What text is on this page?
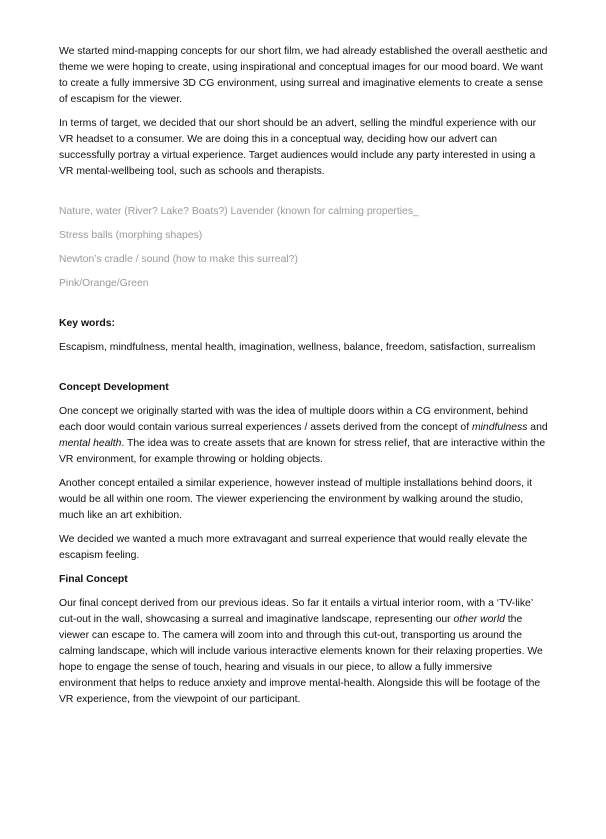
We started mind-mapping concepts for our short film, we had already established the overall aesthetic and theme we were hoping to create, using inspirational and conceptual images for our mood board. We want to create a fully immersive 3D CG environment, using surreal and imaginative elements to create a sense of escapism for the viewer.

In terms of target, we decided that our short should be an advert, selling the mindful experience with our VR headset to a consumer. We are doing this in a conceptual way, deciding how our advert can successfully portray a virtual experience. Target audiences would include any party interested in using a VR mental-wellbeing tool, such as schools and therapists.

Nature, water (River? Lake? Boats?) Lavender (known for calming properties_

Stress balls (morphing shapes)

Newton’s cradle / sound (how to make this surreal?)

Pink/Orange/Green

Key words:

Escapism, mindfulness, mental health, imagination, wellness, balance, freedom, satisfaction, surrealism

Concept Development

One concept we originally started with was the idea of multiple doors within a CG environment, behind each door would contain various surreal experiences / assets derived from the concept of mindfulness and mental health. The idea was to create assets that are known for stress relief, that are interactive within the VR environment, for example throwing or holding objects.

Another concept entailed a similar experience, however instead of multiple installations behind doors, it would be all within one room. The viewer experiencing the environment by walking around the studio, much like an art exhibition.

We decided we wanted a much more extravagant and surreal experience that would really elevate the escapism feeling.

Final Concept

Our final concept derived from our previous ideas. So far it entails a virtual interior room, with a ‘TV-like’ cut-out in the wall, showcasing a surreal and imaginative landscape, representing our other world the viewer can escape to. The camera will zoom into and through this cut-out, transporting us around the calming landscape, which will include various interactive elements known for their relaxing properties. We hope to engage the sense of touch, hearing and visuals in our piece, to allow a fully immersive environment that helps to reduce anxiety and improve mental-health. Alongside this will be footage of the VR experience, from the viewpoint of our participant.
